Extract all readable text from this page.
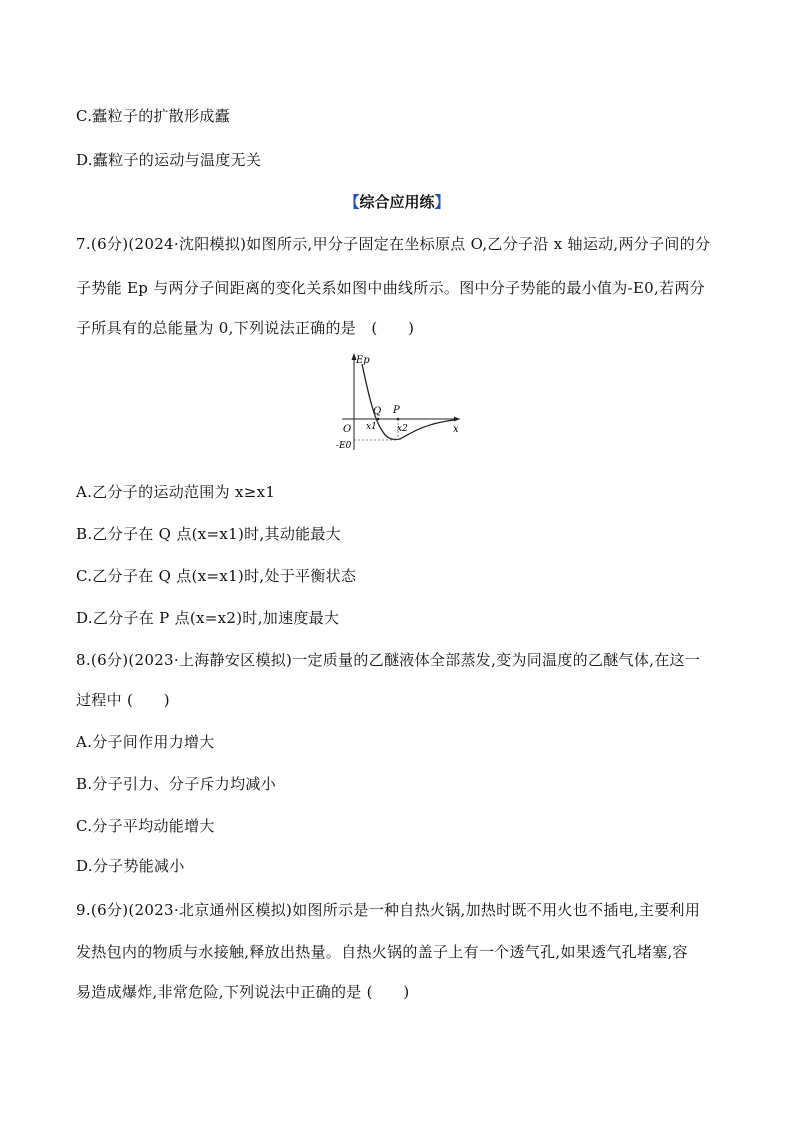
C.蠹粒子的扩散形成蠹
D.蠹粒子的运动与温度无关
【综合应用练】
7.(6分)(2024·沈阳模拟)如图所示,甲分子固定在坐标原点 O,乙分子沿 x 轴运动,两分子间的分
子势能 Ep 与两分子间距离的变化关系如图中曲线所示。图中分子势能的最小值为-E0,若两分
子所具有的总能量为 0,下列说法正确的是　(　　)
Ep
O	x
Q P
x1 x2
-E0
A.乙分子的运动范围为 x≥x1
B.乙分子在 Q 点(x=x1)时,其动能最大
C.乙分子在 Q 点(x=x1)时,处于平衡状态
D.乙分子在 P 点(x=x2)时,加速度最大
8.(6分)(2023·上海静安区模拟)一定质量的乙醚液体全部蒸发,变为同温度的乙醚气体,在这一
过程中 (　　)
A.分子间作用力增大
B.分子引力、分子斥力均减小
C.分子平均动能增大
D.分子势能减小
9.(6分)(2023·北京通州区模拟)如图所示是一种自热火锅,加热时既不用火也不插电,主要利用
发热包内的物质与水接触,释放出热量。自热火锅的盖子上有一个透气孔,如果透气孔堵塞,容
易造成爆炸,非常危险,下列说法中正确的是 (　　)
